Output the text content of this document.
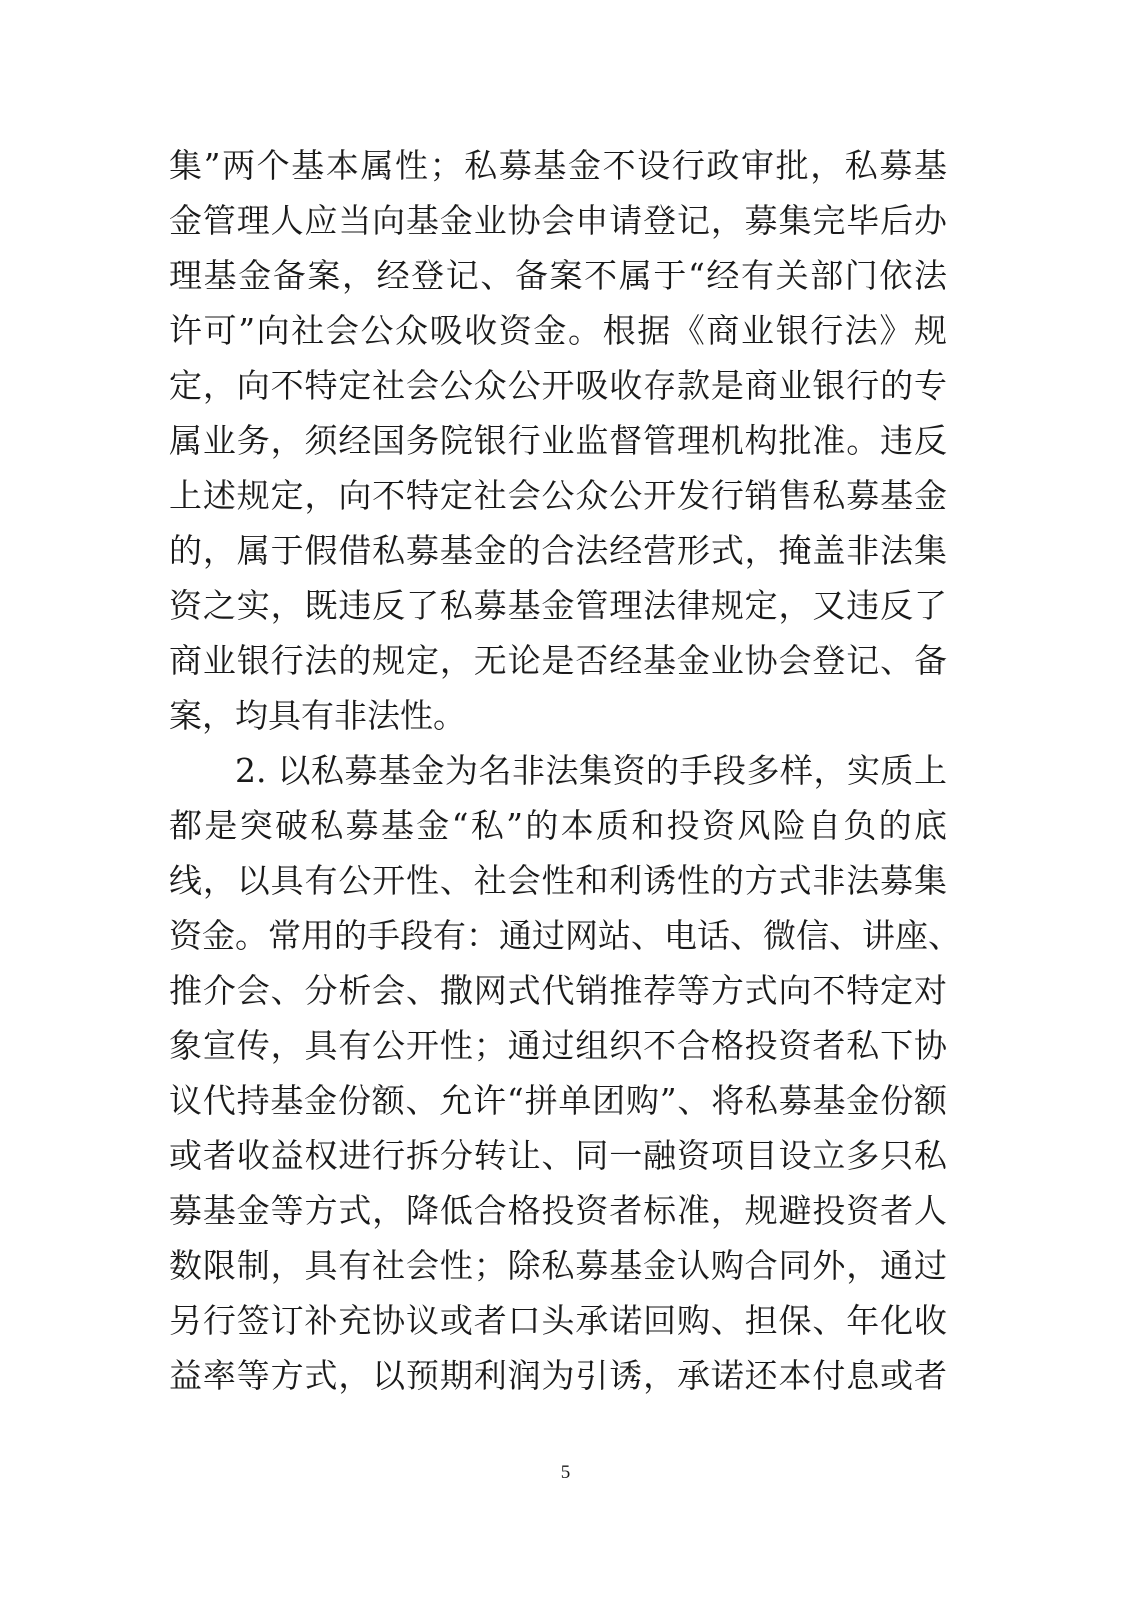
集”两个基本属性；私募基金不设行政审批，私募基
金管理人应当向基金业协会申请登记，募集完毕后办
理基金备案，经登记、备案不属于“经有关部门依法
许可”向社会公众吸收资金。根据《商业银行法》规
定，向不特定社会公众公开吸收存款是商业银行的专
属业务，须经国务院银行业监督管理机构批准。违反
上述规定，向不特定社会公众公开发行销售私募基金
的，属于假借私募基金的合法经营形式，掩盖非法集
资之实，既违反了私募基金管理法律规定，又违反了
商业银行法的规定，无论是否经基金业协会登记、备
案，均具有非法性。
2. 以私募基金为名非法集资的手段多样，实质上
都是突破私募基金“私”的本质和投资风险自负的底
线，以具有公开性、社会性和利诱性的方式非法募集
资金。常用的手段有：通过网站、电话、微信、讲座、
推介会、分析会、撒网式代销推荐等方式向不特定对
象宣传，具有公开性；通过组织不合格投资者私下协
议代持基金份额、允许“拼单团购”、将私募基金份额
或者收益权进行拆分转让、同一融资项目设立多只私
募基金等方式，降低合格投资者标准，规避投资者人
数限制，具有社会性；除私募基金认购合同外，通过
另行签订补充协议或者口头承诺回购、担保、年化收
益率等方式，以预期利润为引诱，承诺还本付息或者
5
